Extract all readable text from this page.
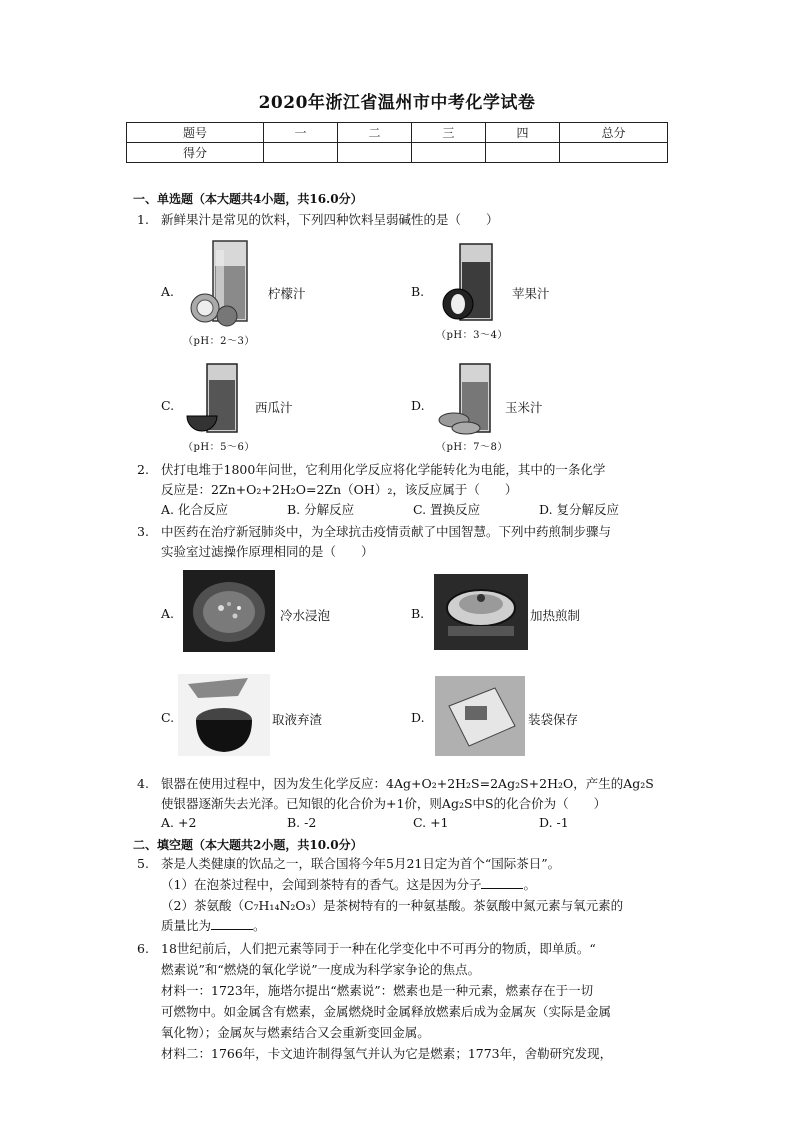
2020年浙江省温州市中考化学试卷
题号	一	二	三	四	总分
得分					
一、单选题（本大题共4小题，共16.0分）
1. 新鲜果汁是常见的饮料，下列四种饮料呈弱碱性的是（　　）
A.	柠檬汁
（pH：2～3）
B.	苹果汁
（pH：3～4）
C.	西瓜汁
（pH：5～6）
D.	玉米汁
（pH：7～8）
2. 伏打电堆于1800年问世，它利用化学反应将化学能转化为电能，其中的一条化学
反应是：2Zn+O₂+2H₂O=2Zn（OH）₂，该反应属于（　　）
A. 化合反应	B. 分解反应	C. 置换反应	D. 复分解反应
3. 中医药在治疗新冠肺炎中，为全球抗击疫情贡献了中国智慧。下列中药煎制步骤与
实验室过滤操作原理相同的是（　　）
A.	冷水浸泡	B.	加热煎制
C.	取液弃渣	D.	装袋保存
4. 银器在使用过程中，因为发生化学反应：4Ag+O₂+2H₂S=2Ag₂S+2H₂O，产生的Ag₂S
使银器逐渐失去光泽。已知银的化合价为+1价，则Ag₂S中S的化合价为（　　）
A. +2	B. -2	C. +1	D. -1
二、填空题（本大题共2小题，共10.0分）
5. 茶是人类健康的饮品之一，联合国将今年5月21日定为首个“国际茶日”。
（1）在泡茶过程中，会闻到茶特有的香气。这是因为分子	。
（2）茶氨酸（C₇H₁₄N₂O₃）是茶树特有的一种氨基酸。茶氨酸中氮元素与氧元素的
质量比为	。
6. 18世纪前后，人们把元素等同于一种在化学变化中不可再分的物质，即单质。“
燃素说”和“燃烧的氧化学说”一度成为科学家争论的焦点。
材料一：1723年，施塔尔提出“燃素说”：燃素也是一种元素，燃素存在于一切
可燃物中。如金属含有燃素，金属燃烧时金属释放燃素后成为金属灰（实际是金属
氧化物）；金属灰与燃素结合又会重新变回金属。
材料二：1766年，卡文迪许制得氢气并认为它是燃素；1773年，舍勒研究发现，
